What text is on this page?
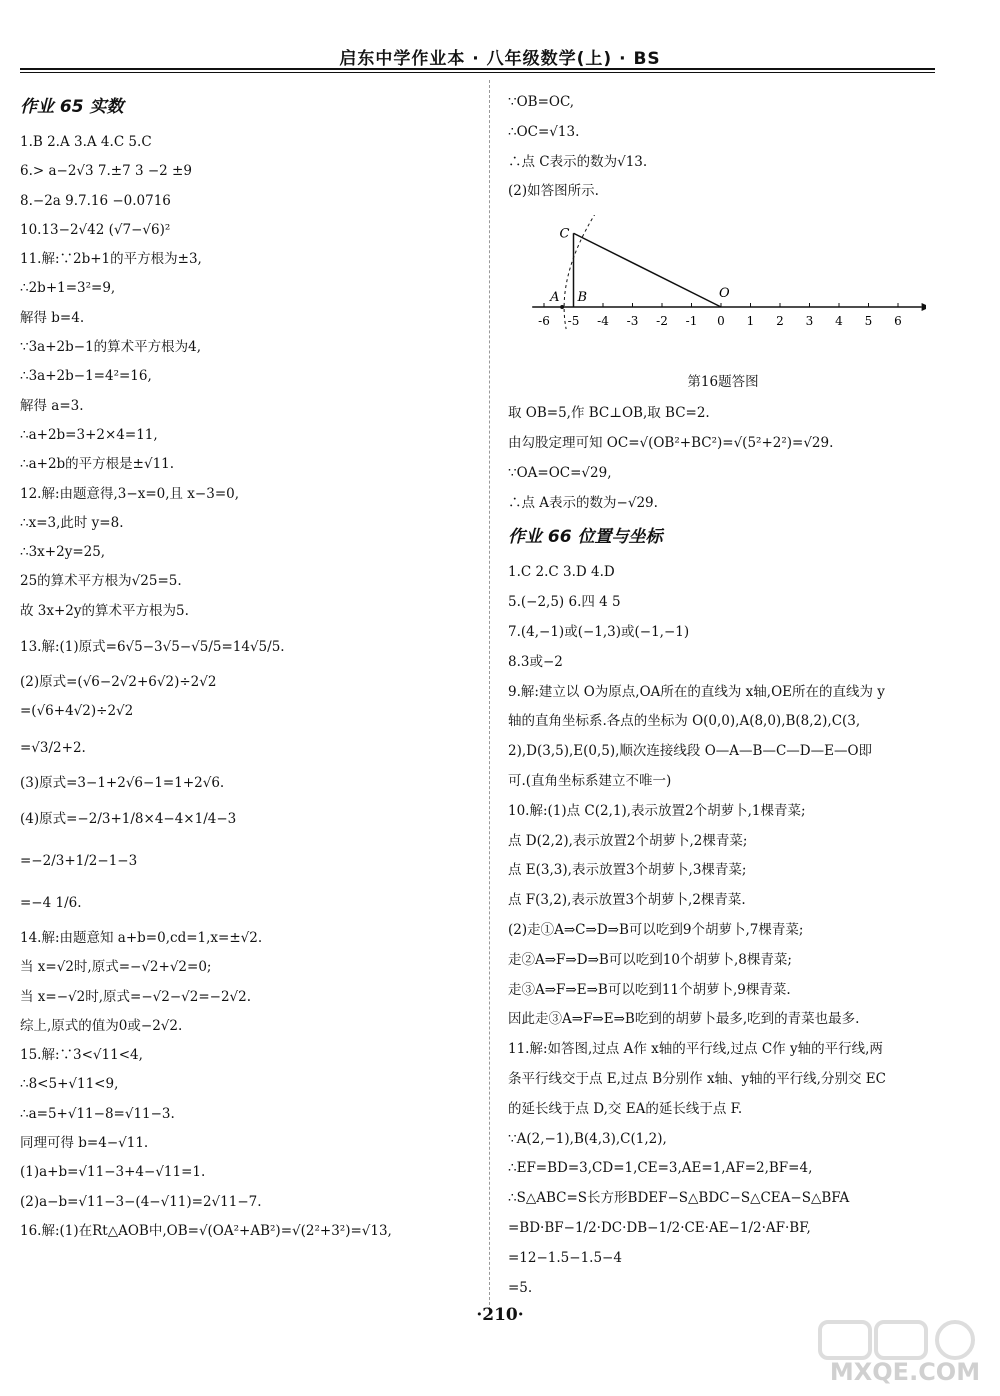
启东中学作业本 · 八年级数学(上) · BS
作业 65 实数
1.B 2.A 3.A 4.C 5.C
6.> a−2√3 7.±7 3 −2 ±9
8.−2a 9.7.16 −0.0716
10.13−2√42 (√7−√6)²
11.解:∵2b+1的平方根为±3,
∴2b+1=3²=9,
解得 b=4.
∵3a+2b−1的算术平方根为4,
∴3a+2b−1=4²=16,
解得 a=3.
∴a+2b=3+2×4=11,
∴a+2b的平方根是±√11.
12.解:由题意得,3−x=0,且 x−3=0,
∴x=3,此时 y=8.
∴3x+2y=25,
25的算术平方根为√25=5.
故 3x+2y的算术平方根为5.
13.解:(1)原式=6√5−3√5−√5/5=14√5/5.
(2)原式=(√6−2√2+6√2)÷2√2
=(√6+4√2)÷2√2
=√3/2+2.
(3)原式=3−1+2√6−1=1+2√6.
(4)原式=−2/3+1/8×4−4×1/4−3
=−2/3+1/2−1−3
=−4 1/6.
14.解:由题意知 a+b=0,cd=1,x=±√2.
当 x=√2时,原式=−√2+√2=0;
当 x=−√2时,原式=−√2−√2=−2√2.
综上,原式的值为0或−2√2.
15.解:∵3<√11<4,
∴8<5+√11<9,
∴a=5+√11−8=√11−3.
同理可得 b=4−√11.
(1)a+b=√11−3+4−√11=1.
(2)a−b=√11−3−(4−√11)=2√11−7.
16.解:(1)在Rt△AOB中,OB=√(OA²+AB²)=√(2²+3²)=√13,
∵OB=OC,
∴OC=√13.
∴点 C表示的数为√13.
(2)如答图所示.
-6 -5 -4 -3 -2 -1 0 1 2 3 4 5 6
A B
C
O
第16题答图
取 OB=5,作 BC⊥OB,取 BC=2.
由勾股定理可知 OC=√(OB²+BC²)=√(5²+2²)=√29.
∵OA=OC=√29,
∴点 A表示的数为−√29.
作业 66 位置与坐标
1.C 2.C 3.D 4.D
5.(−2,5) 6.四 4 5
7.(4,−1)或(−1,3)或(−1,−1)
8.3或−2
9.解:建立以 O为原点,OA所在的直线为 x轴,OE所在的直线为 y
轴的直角坐标系.各点的坐标为 O(0,0),A(8,0),B(8,2),C(3,
2),D(3,5),E(0,5),顺次连接线段 O—A—B—C—D—E—O即
可.(直角坐标系建立不唯一)
10.解:(1)点 C(2,1),表示放置2个胡萝卜,1棵青菜;
点 D(2,2),表示放置2个胡萝卜,2棵青菜;
点 E(3,3),表示放置3个胡萝卜,3棵青菜;
点 F(3,2),表示放置3个胡萝卜,2棵青菜.
(2)走①A⇒C⇒D⇒B可以吃到9个胡萝卜,7棵青菜;
走②A⇒F⇒D⇒B可以吃到10个胡萝卜,8棵青菜;
走③A⇒F⇒E⇒B可以吃到11个胡萝卜,9棵青菜.
因此走③A⇒F⇒E⇒B吃到的胡萝卜最多,吃到的青菜也最多.
11.解:如答图,过点 A作 x轴的平行线,过点 C作 y轴的平行线,两
条平行线交于点 E,过点 B分别作 x轴、y轴的平行线,分别交 EC
的延长线于点 D,交 EA的延长线于点 F.
∵A(2,−1),B(4,3),C(1,2),
∴EF=BD=3,CD=1,CE=3,AE=1,AF=2,BF=4,
∴S△ABC=S长方形BDEF−S△BDC−S△CEA−S△BFA
=BD·BF−1/2·DC·DB−1/2·CE·AE−1/2·AF·BF,
=12−1.5−1.5−4
=5.
·210·
MXQE.COM
